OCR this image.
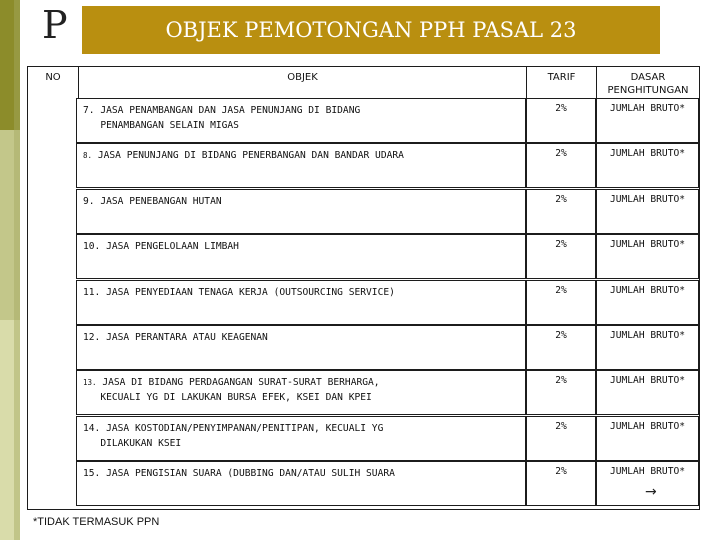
P	OBJEK PEMOTONGAN PPH PASAL 23
NO	OBJEK	TARIF	DASAR PENGHITUNGAN
7. JASA PENAMBANGAN DAN JASA PENUNJANG DI BIDANG
PENAMBANGAN SELAIN MIGAS
2%	JUMLAH BRUTO*
8. JASA PENUNJANG DI BIDANG PENERBANGAN DAN BANDAR UDARA	2%	JUMLAH BRUTO*
9. JASA PENEBANGAN HUTAN	2%	JUMLAH BRUTO*
10. JASA PENGELOLAAN LIMBAH	2%	JUMLAH BRUTO*
11. JASA PENYEDIAAN TENAGA KERJA (OUTSOURCING SERVICE)	2%	JUMLAH BRUTO*
12. JASA PERANTARA ATAU KEAGENAN	2%	JUMLAH BRUTO*
13. JASA DI BIDANG PERDAGANGAN SURAT-SURAT BERHARGA,
KECUALI YG DI LAKUKAN BURSA EFEK, KSEI DAN KPEI
2%	JUMLAH BRUTO*
14. JASA KOSTODIAN/PENYIMPANAN/PENITIPAN, KECUALI YG
DILAKUKAN KSEI
2%	JUMLAH BRUTO*
15. JASA PENGISIAN SUARA (DUBBING DAN/ATAU SULIH SUARA	2%	JUMLAH BRUTO*
→
*TIDAK TERMASUK PPN
